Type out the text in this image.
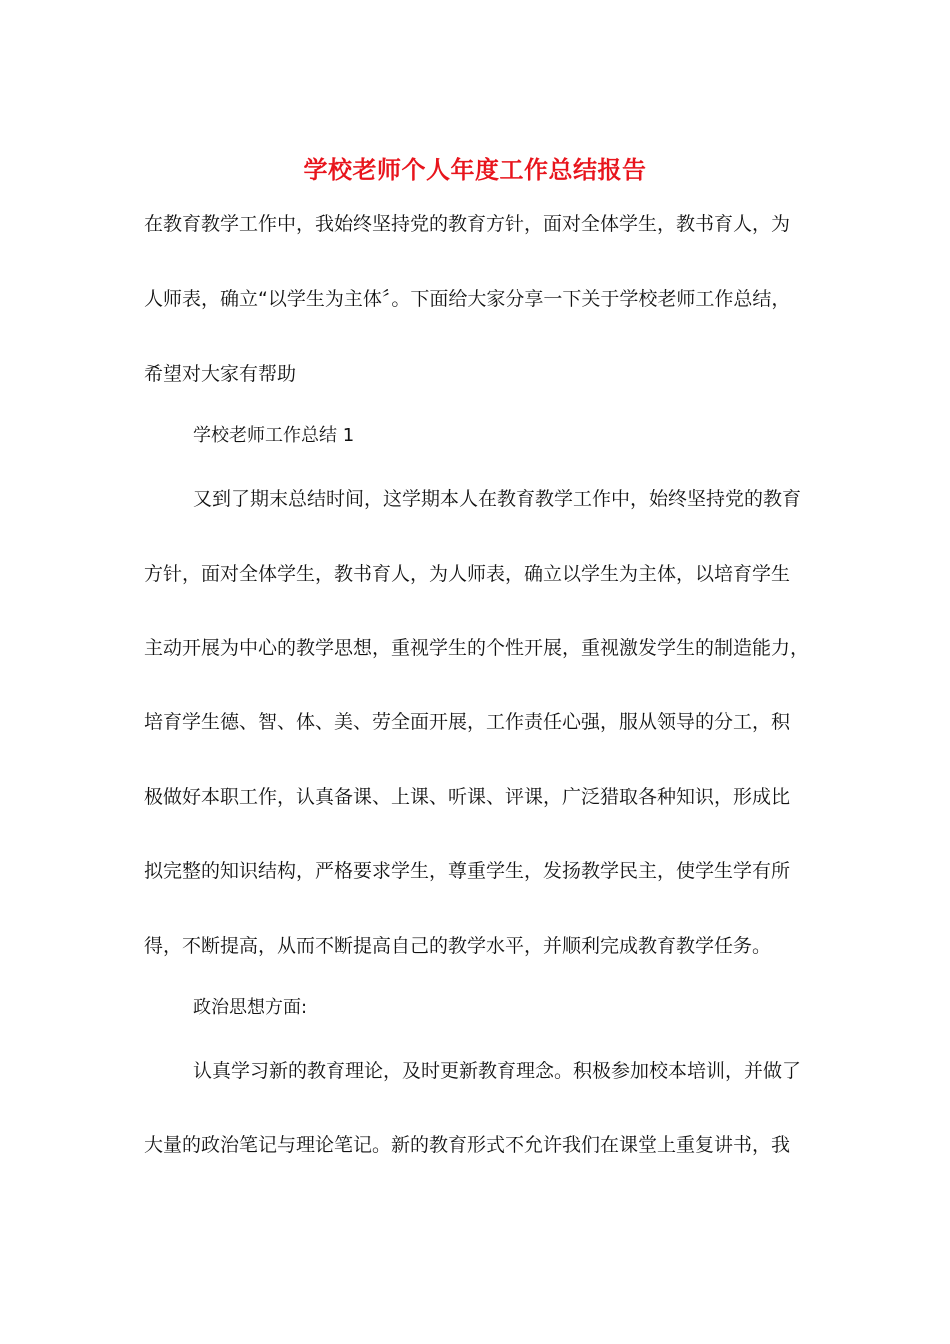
学校老师个人年度工作总结报告
在教育教学工作中，我始终坚持党的教育方针，面对全体学生，教书育人，为
人师表，确立“以学生为主体〞。下面给大家分享一下关于学校老师工作总结，
希望对大家有帮助
学校老师工作总结 1
又到了期末总结时间，这学期本人在教育教学工作中，始终坚持党的教育
方针，面对全体学生，教书育人，为人师表，确立以学生为主体，以培育学生
主动开展为中心的教学思想，重视学生的个性开展，重视激发学生的制造能力，
培育学生德、智、体、美、劳全面开展，工作责任心强，服从领导的分工，积
极做好本职工作，认真备课、上课、听课、评课，广泛猎取各种知识，形成比
拟完整的知识结构，严格要求学生，尊重学生，发扬教学民主，使学生学有所
得，不断提高，从而不断提高自己的教学水平，并顺利完成教育教学任务。
政治思想方面:
认真学习新的教育理论，及时更新教育理念。积极参加校本培训，并做了
大量的政治笔记与理论笔记。新的教育形式不允许我们在课堂上重复讲书，我
